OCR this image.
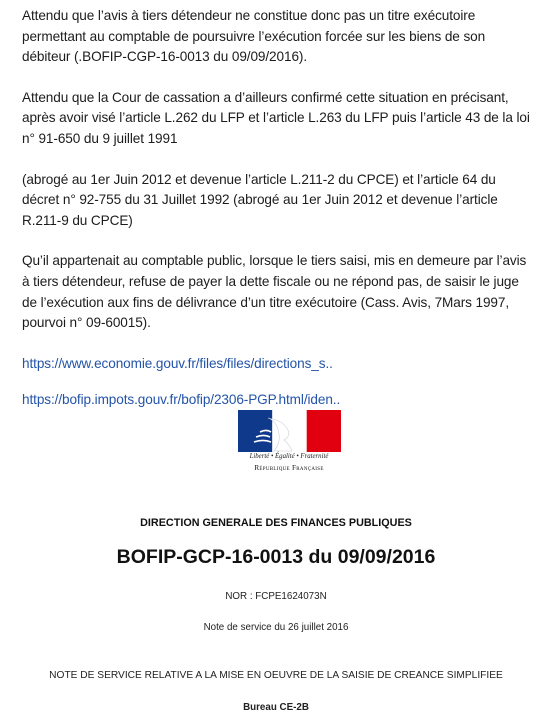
Attendu que l’avis à tiers détendeur ne constitue donc pas un titre exécutoire permettant au comptable de poursuivre l’exécution forcée sur les biens de son débiteur (.BOFIP-CGP-16-0013 du 09/09/2016).

Attendu que la Cour de cassation a d’ailleurs confirmé cette situation en précisant, après avoir visé l’article L.262 du LFP et l’article L.263 du LFP puis l’article 43 de la loi n° 91-650 du 9 juillet 1991

(abrogé au 1er Juin 2012 et devenue l’article L.211-2 du CPCE) et l’article 64 du décret n° 92-755 du 31 Juillet 1992 (abrogé au 1er Juin 2012 et devenue l’article R.211-9 du CPCE)

Qu’il appartenait au comptable public, lorsque le tiers saisi, mis en demeure par l’avis à tiers détendeur, refuse de payer la dette fiscale ou ne répond pas, de saisir le juge de l’exécution aux fins de délivrance d’un titre exécutoire (Cass. Avis, 7Mars 1997, pourvoi n° 09-60015).

https://www.economie.gouv.fr/files/files/directions_s..
https://bofip.impots.gouv.fr/bofip/2306-PGP.html/iden..
Liberté • Égalité • Fraternité
République Française
DIRECTION GENERALE DES FINANCES PUBLIQUES
BOFIP-GCP-16-0013 du 09/09/2016
NOR : FCPE1624073N
Note de service du 26 juillet 2016
NOTE DE SERVICE RELATIVE A LA MISE EN OEUVRE DE LA SAISIE DE CREANCE SIMPLIFIEE
Bureau CE-2B
